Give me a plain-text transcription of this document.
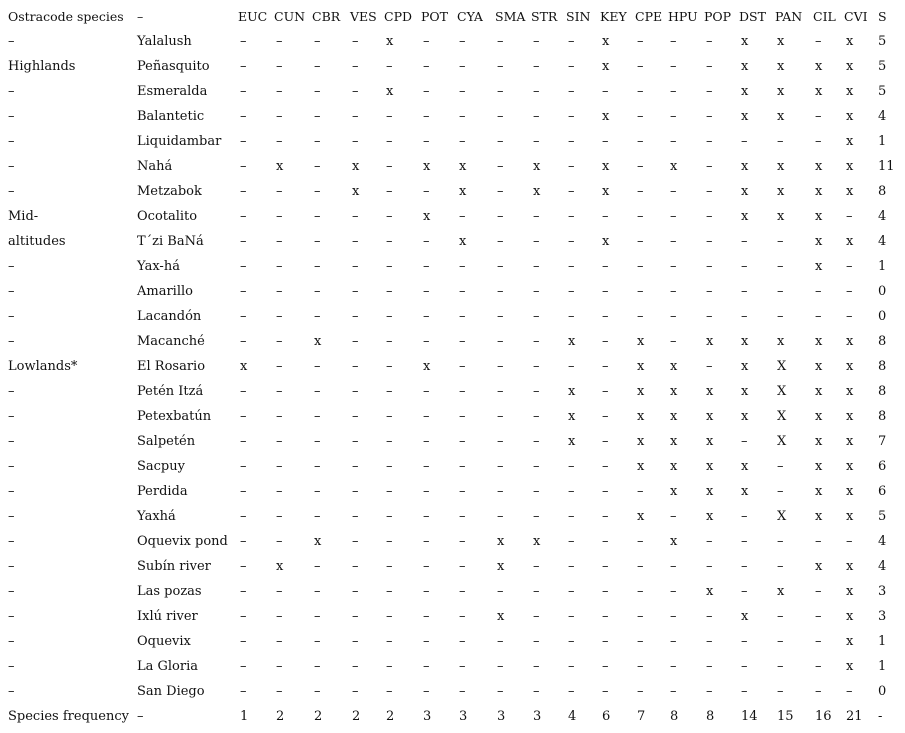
Ostracode species –	EUC CUN CBR VES CPD POT CYA SMA STR SIN KEY CPE HPU POP DST PAN CIL CVI S
–	Yalalush	– – – – x – – – – – x – – – x x – x 5
Highlands	Peñasquito – – – – – – – – – – x – – – x x x x 5
–	Esmeralda	– – – – x – – – – – – – – – x x x x 5
–	Balantetic	– – – – – – – – – – x – – – x x – x 4
–	Liquidambar – – – – – – – – – – – – – – – – – x 1
–	Nahá	– x – x – x x – x – x – x – x x x x 11
–	Metzabok	– – – x – – x – x – x – – – x x x x 8
Mid-	Ocotalito	– – – – – x – – – – – – – – x x x – 4
altitudes	T´zi BaNá	– – – – – – x – – – x – – – – – x x 4
–	Yax-há	– – – – – – – – – – – – – – – – x – 1
–	Amarillo	– – – – – – – – – – – – – – – – – – 0
–	Lacandón	– – – – – – – – – – – – – – – – – – 0
–	Macanché	– – x – – – – – – x – x – x x x x x 8
Lowlands*	El Rosario	x – – – – x – – – – – x x – x X x x 8
–	Petén Itzá	– – – – – – – – – x – x x x x X x x 8
–	Petexbatún – – – – – – – – – x – x x x x X x x 8
–	Salpetén	– – – – – – – – – x – x x x – X x x 7
–	Sacpuy	– – – – – – – – – – – x x x x – x x 6
–	Perdida	– – – – – – – – – – – – x x x – x x 6
–	Yaxhá	– – – – – – – – – – – x – x – X x x 5
–	Oquevix pond – – x – – – – x x – – – x – – – – – 4
–	Subín river – x – – – – – x – – – – – – – – x x 4
–	Las pozas	– – – – – – – – – – – – – x – x – x 3
–	Ixlú river	– – – – – – – x – – – – – – x – – x 3
–	Oquevix	– – – – – – – – – – – – – – – – – x 1
–	La Gloria	– – – – – – – – – – – – – – – – – x 1
–	San Diego	– – – – – – – – – – – – – – – – – – 0
Species frequency –	1 2 2 2 2 3 3 3 3 4 6 7 8 8 14 15 16 21 -
